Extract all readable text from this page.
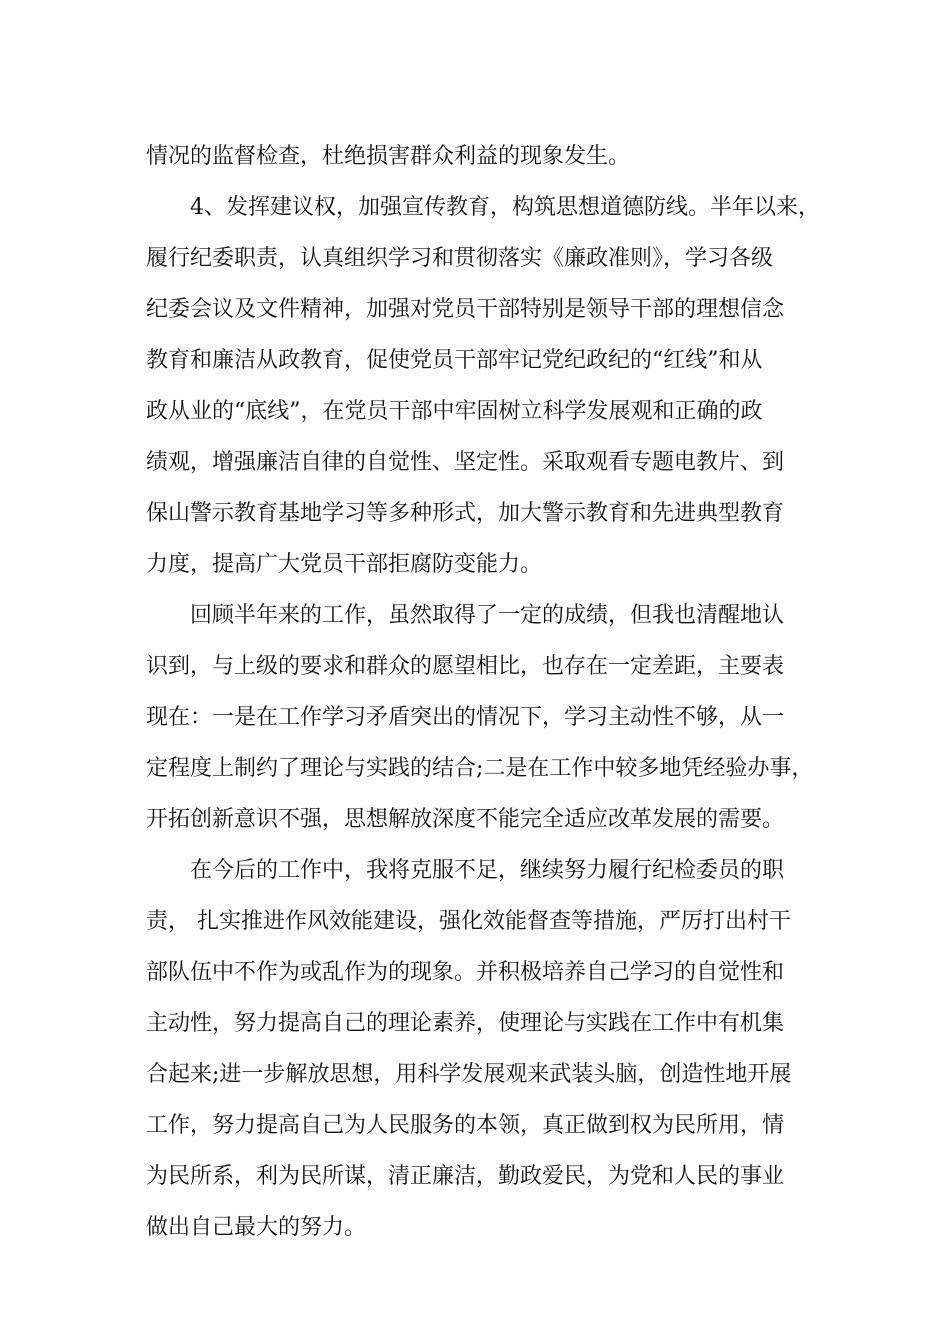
情况的监督检查，杜绝损害群众利益的现象发生。
4、发挥建议权，加强宣传教育，构筑思想道德防线。半年以来，
履行纪委职责，认真组织学习和贯彻落实《廉政准则》，学习各级
纪委会议及文件精神，加强对党员干部特别是领导干部的理想信念
教育和廉洁从政教育，促使党员干部牢记党纪政纪的“红线”和从
政从业的“底线”，在党员干部中牢固树立科学发展观和正确的政
绩观，增强廉洁自律的自觉性、坚定性。采取观看专题电教片、到
保山警示教育基地学习等多种形式，加大警示教育和先进典型教育
力度，提高广大党员干部拒腐防变能力。
回顾半年来的工作，虽然取得了一定的成绩，但我也清醒地认
识到，与上级的要求和群众的愿望相比，也存在一定差距，主要表
现在：一是在工作学习矛盾突出的情况下，学习主动性不够，从一
定程度上制约了理论与实践的结合;二是在工作中较多地凭经验办事，
开拓创新意识不强，思想解放深度不能完全适应改革发展的需要。
在今后的工作中，我将克服不足，继续努力履行纪检委员的职
责， 扎实推进作风效能建设，强化效能督查等措施，严厉打出村干
部队伍中不作为或乱作为的现象。并积极培养自己学习的自觉性和
主动性，努力提高自己的理论素养，使理论与实践在工作中有机集
合起来;进一步解放思想，用科学发展观来武装头脑，创造性地开展
工作，努力提高自己为人民服务的本领，真正做到权为民所用，情
为民所系，利为民所谋，清正廉洁，勤政爱民，为党和人民的事业
做出自己最大的努力。
